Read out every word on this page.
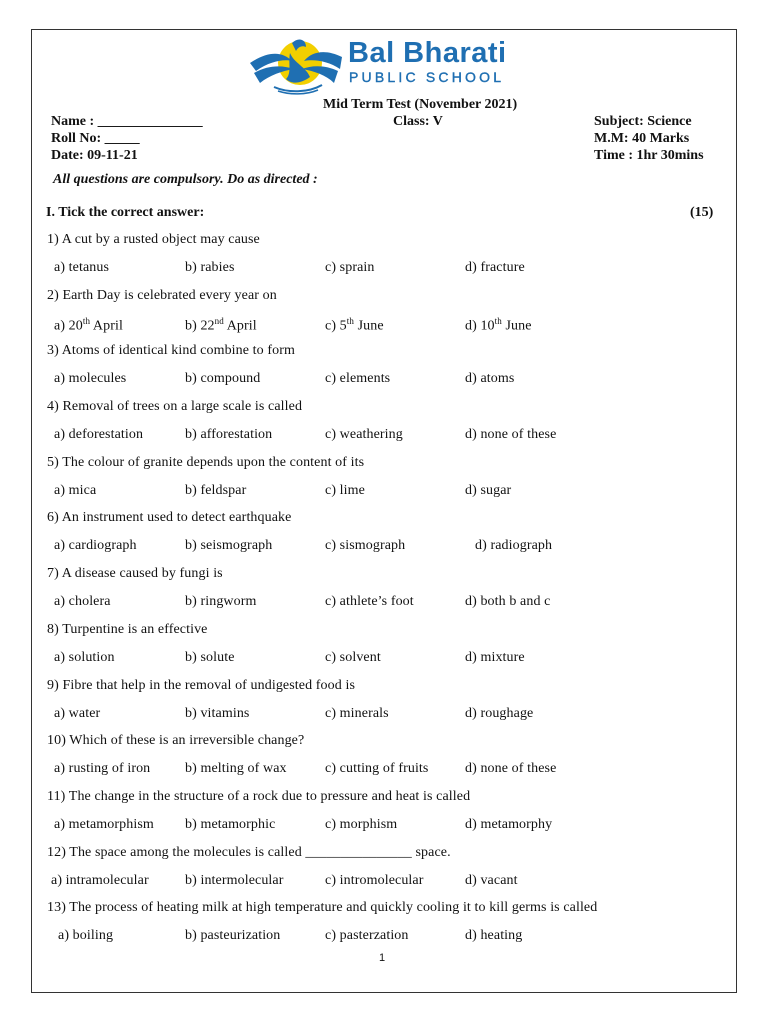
Bal Bharati
PUBLIC SCHOOL
Mid Term Test (November 2021)
Class: V
Name : _______________
Roll No: _____
Date: 09-11-21
Subject: Science
M.M: 40 Marks
Time : 1hr 30mins
All questions are compulsory. Do as directed :
I. Tick the correct answer:	(15)
1) A cut by a rusted object may cause
a) tetanus	b) rabies	c) sprain	d) fracture
2) Earth Day is celebrated every year on
a) 20th April	b) 22nd April	c) 5th June	d) 10th June
3) Atoms of identical kind combine to form
a) molecules	b) compound	c) elements	d) atoms
4) Removal of trees on a large scale is called
a) deforestation	b) afforestation	c) weathering	d) none of these
5) The colour of granite depends upon the content of its
a) mica	b) feldspar	c) lime	d) sugar
6) An instrument used to detect earthquake
a) cardiograph	b) seismograph	c) sismograph	d) radiograph
7) A disease caused by fungi is
a) cholera	b) ringworm	c) athlete’s foot	d) both b and c
8) Turpentine is an effective
a) solution	b) solute	c) solvent	d) mixture
9) Fibre that help in the removal of undigested food is
a) water	b) vitamins	c) minerals	d) roughage
10) Which of these is an irreversible change?
a) rusting of iron b) melting of wax	c) cutting of fruits	d) none of these
11) The change in the structure of a rock due to pressure and heat is called
a) metamorphism b) metamorphic	c) morphism	d) metamorphy
12) The space among the molecules is called _______________ space.
a) intramolecular	b) intermolecular	c) intromolecular	d) vacant
13) The process of heating milk at high temperature and quickly cooling it to kill germs is called
a) boiling	b) pasteurization	c) pasterzation	d) heating
1
